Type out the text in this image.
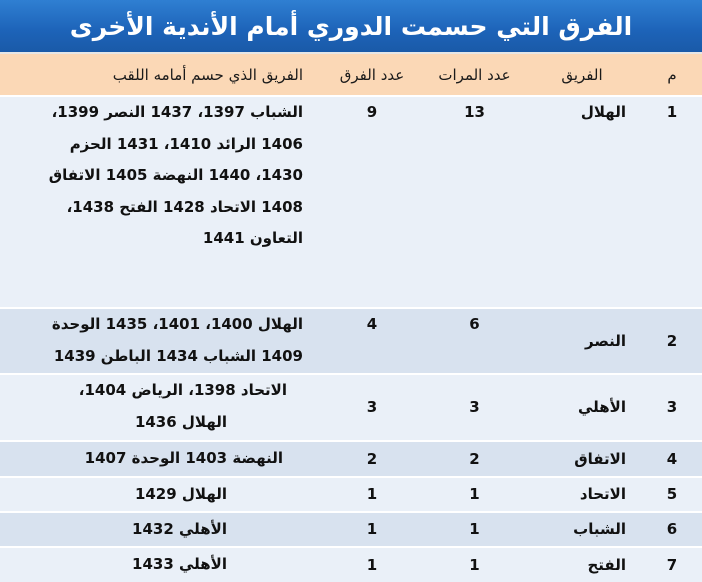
الفرق التي حسمت الدوري أمام الأندية الأخرى
م	الفريق	عدد المرات	عدد الفرق	الفريق الذي حسم أمامه اللقب
1	الهلال	13	9	الشباب 1397، 1437 النصر 1399،
1406 الرائد 1410، 1431 الحزم
1430، 1440 النهضة 1405 الاتفاق
1408 الاتحاد 1428 الفتح 1438،
التعاون 1441

2	النصر	6	4	الهلال 1400، 1401، 1435 الوحدة
1409 الشباب 1434 الباطن 1439

3	الأهلي	3	3	الاتحاد 1398، الرياض 1404،
الهلال 1436

4	الاتفاق	2	2	النهضة 1403 الوحدة 1407

5	الاتحاد	1	1	الهلال 1429

6	الشباب	1	1	الأهلي 1432

7	الفتح	1	1	الأهلي 1433
